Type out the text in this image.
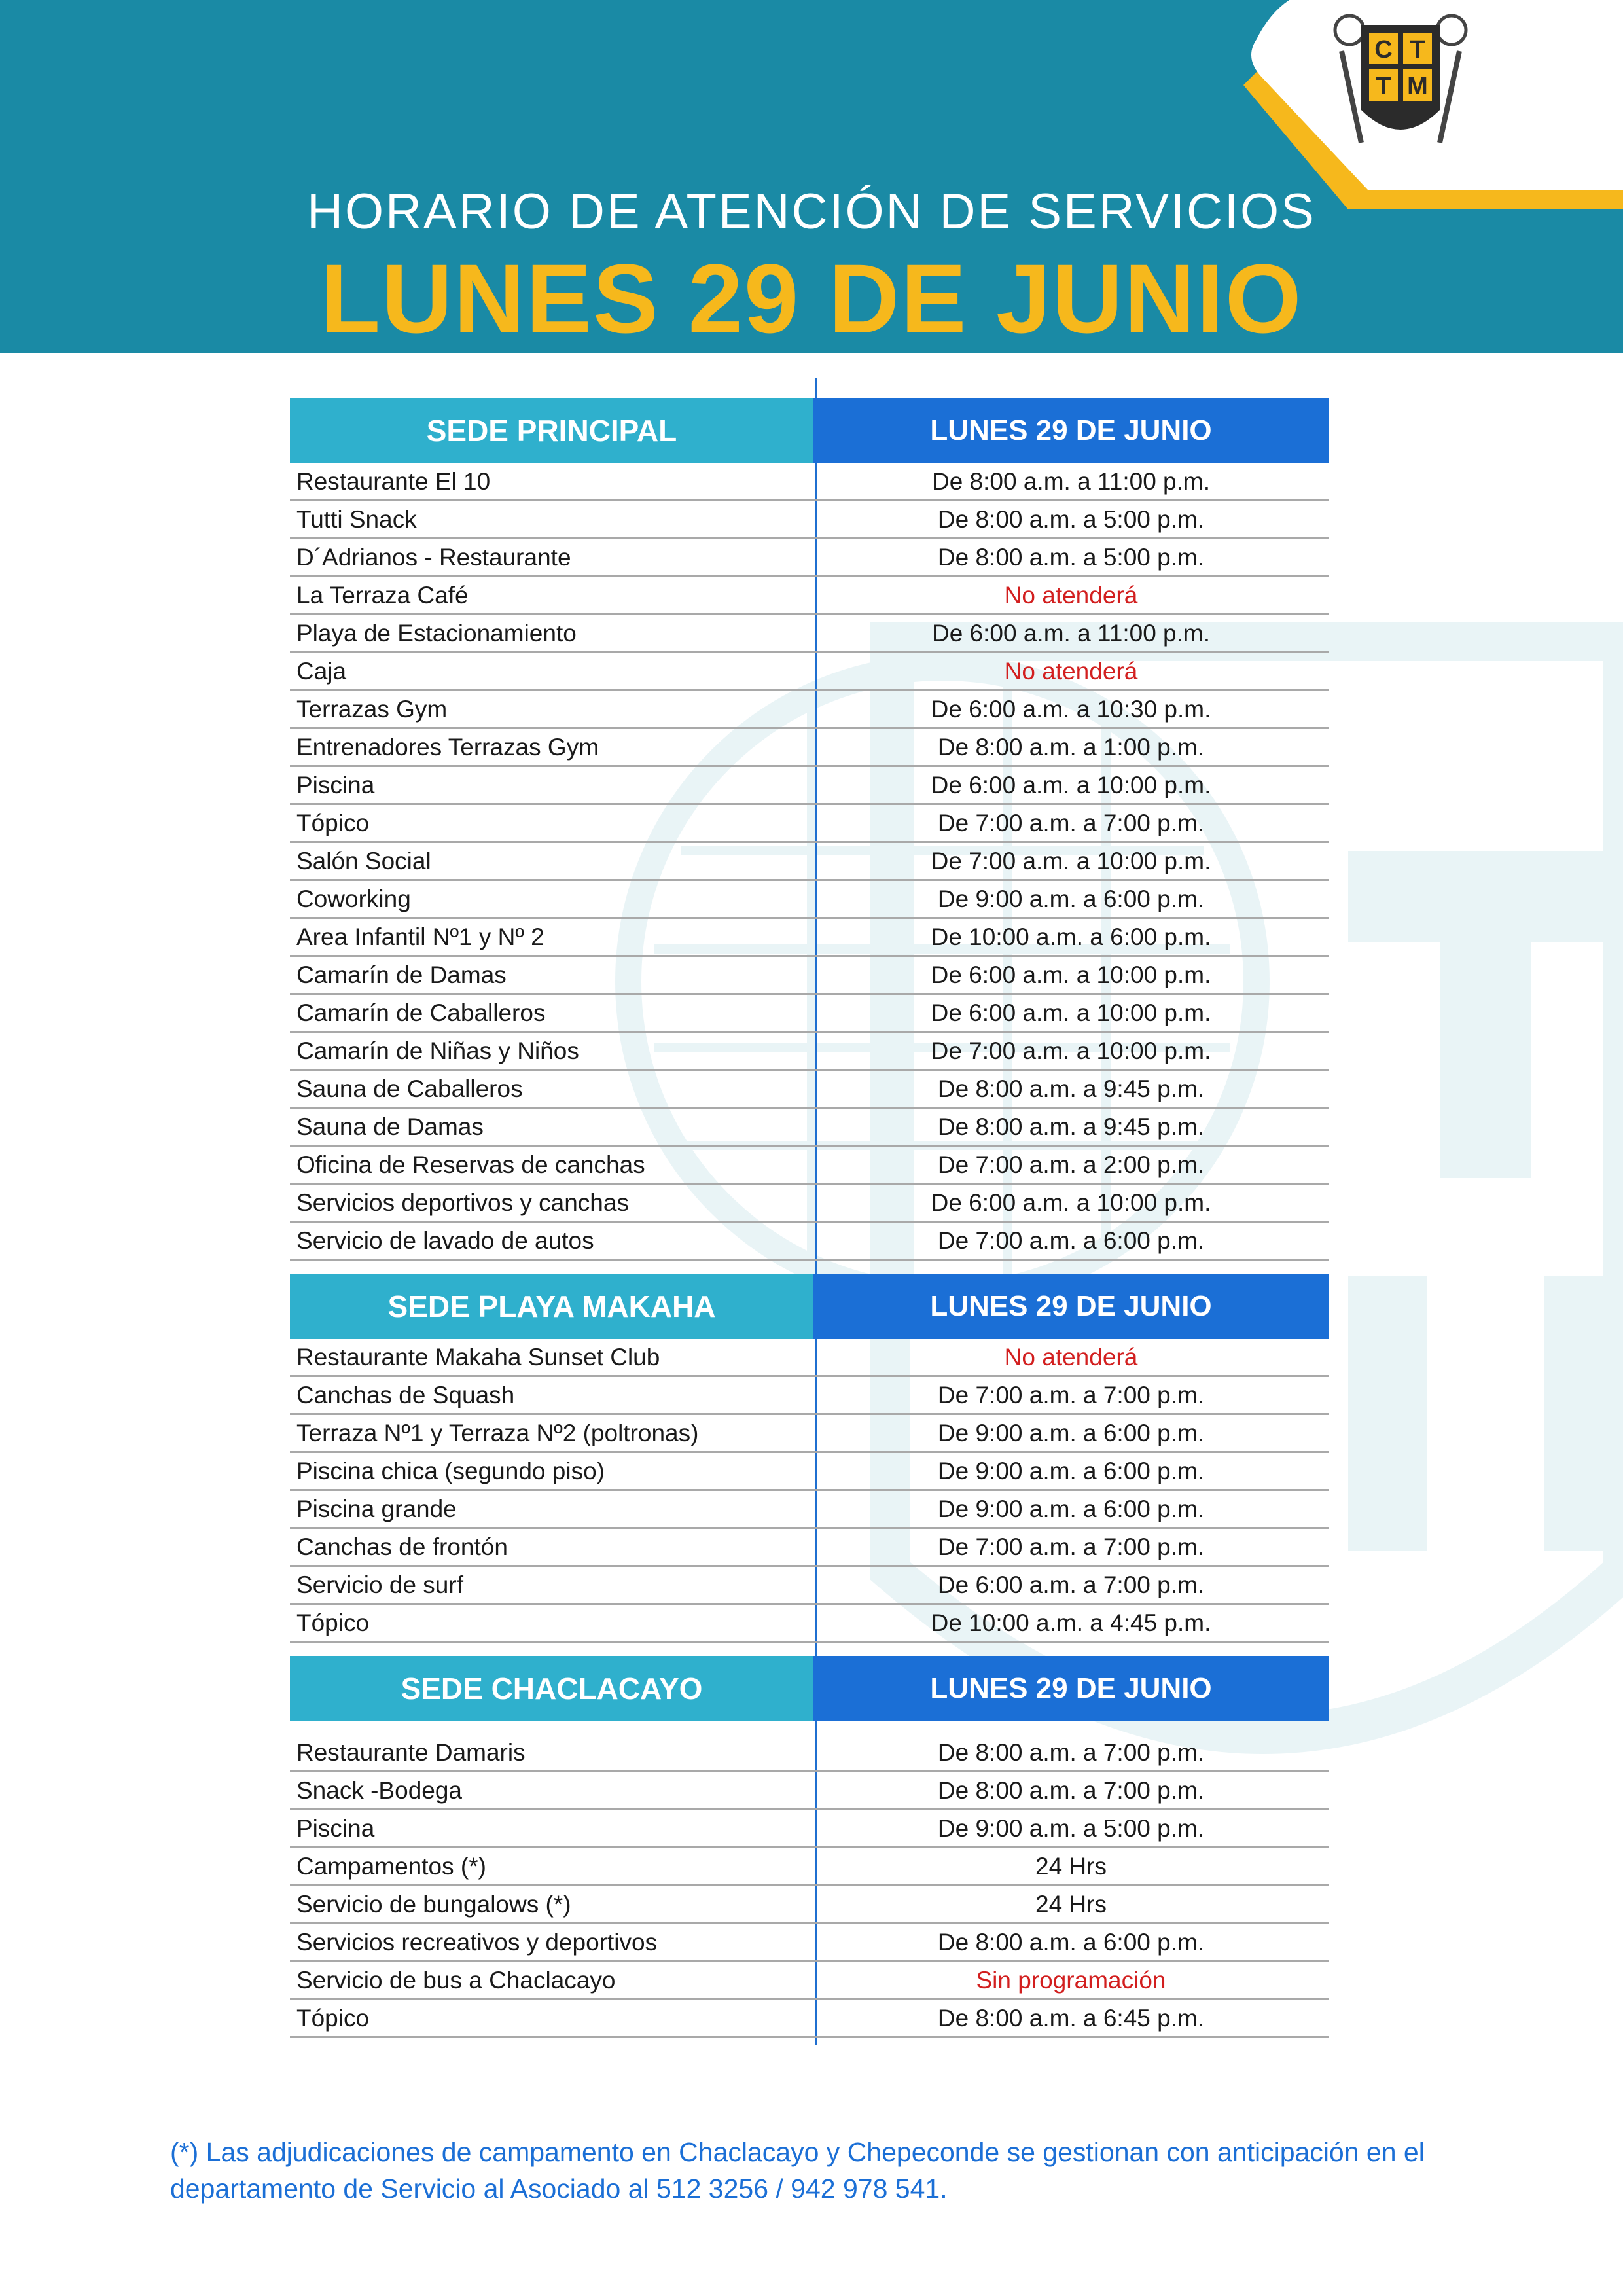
C T
T M
HORARIO DE ATENCIÓN DE SERVICIOS
LUNES 29 DE JUNIO
SEDE PRINCIPAL	LUNES 29 DE JUNIO
Restaurante El 10	De 8:00 a.m. a 11:00 p.m.
Tutti Snack	De 8:00 a.m. a 5:00 p.m.
D´Adrianos - Restaurante	De 8:00 a.m. a 5:00 p.m.
La Terraza Café	No atenderá
Playa de Estacionamiento	De 6:00 a.m. a 11:00 p.m.
Caja	No atenderá
Terrazas Gym	De 6:00 a.m. a 10:30 p.m.
Entrenadores Terrazas Gym	De 8:00 a.m. a 1:00 p.m.
Piscina	De 6:00 a.m. a 10:00 p.m.
Tópico	De 7:00 a.m. a 7:00 p.m.
Salón Social	De 7:00 a.m. a 10:00 p.m.
Coworking	De 9:00 a.m. a 6:00 p.m.
Area Infantil Nº1 y Nº 2	De 10:00 a.m. a 6:00 p.m.
Camarín de Damas	De 6:00 a.m. a 10:00 p.m.
Camarín de Caballeros	De 6:00 a.m. a 10:00 p.m.
Camarín de Niñas y Niños	De 7:00 a.m. a 10:00 p.m.
Sauna de Caballeros	De 8:00 a.m. a 9:45 p.m.
Sauna de Damas	De 8:00 a.m. a 9:45 p.m.
Oficina de Reservas de canchas	De 7:00 a.m. a 2:00 p.m.
Servicios deportivos y canchas	De 6:00 a.m. a 10:00 p.m.
Servicio de lavado de autos	De 7:00 a.m. a 6:00 p.m.
SEDE PLAYA MAKAHA	LUNES 29 DE JUNIO
Restaurante Makaha Sunset Club	No atenderá
Canchas de Squash	De 7:00 a.m. a 7:00 p.m.
Terraza Nº1 y Terraza Nº2 (poltronas)	De 9:00 a.m. a 6:00 p.m.
Piscina chica (segundo piso)	De 9:00 a.m. a 6:00 p.m.
Piscina grande	De 9:00 a.m. a 6:00 p.m.
Canchas de frontón	De 7:00 a.m. a 7:00 p.m.
Servicio de surf	De 6:00 a.m. a 7:00 p.m.
Tópico	De 10:00 a.m. a 4:45 p.m.
SEDE CHACLACAYO	LUNES 29 DE JUNIO
Restaurante Damaris	De 8:00 a.m. a 7:00 p.m.
Snack -Bodega	De 8:00 a.m. a 7:00 p.m.
Piscina	De 9:00 a.m. a 5:00 p.m.
Campamentos (*)	24 Hrs
Servicio de bungalows (*)	24 Hrs
Servicios recreativos y deportivos	De 8:00 a.m. a 6:00 p.m.
Servicio de bus a Chaclacayo	Sin programación
Tópico	De 8:00 a.m. a 6:45 p.m.
(*) Las adjudicaciones de campamento en Chaclacayo y Chepeconde se gestionan con anticipación en el
departamento de Servicio al Asociado al 512 3256 / 942 978 541.
